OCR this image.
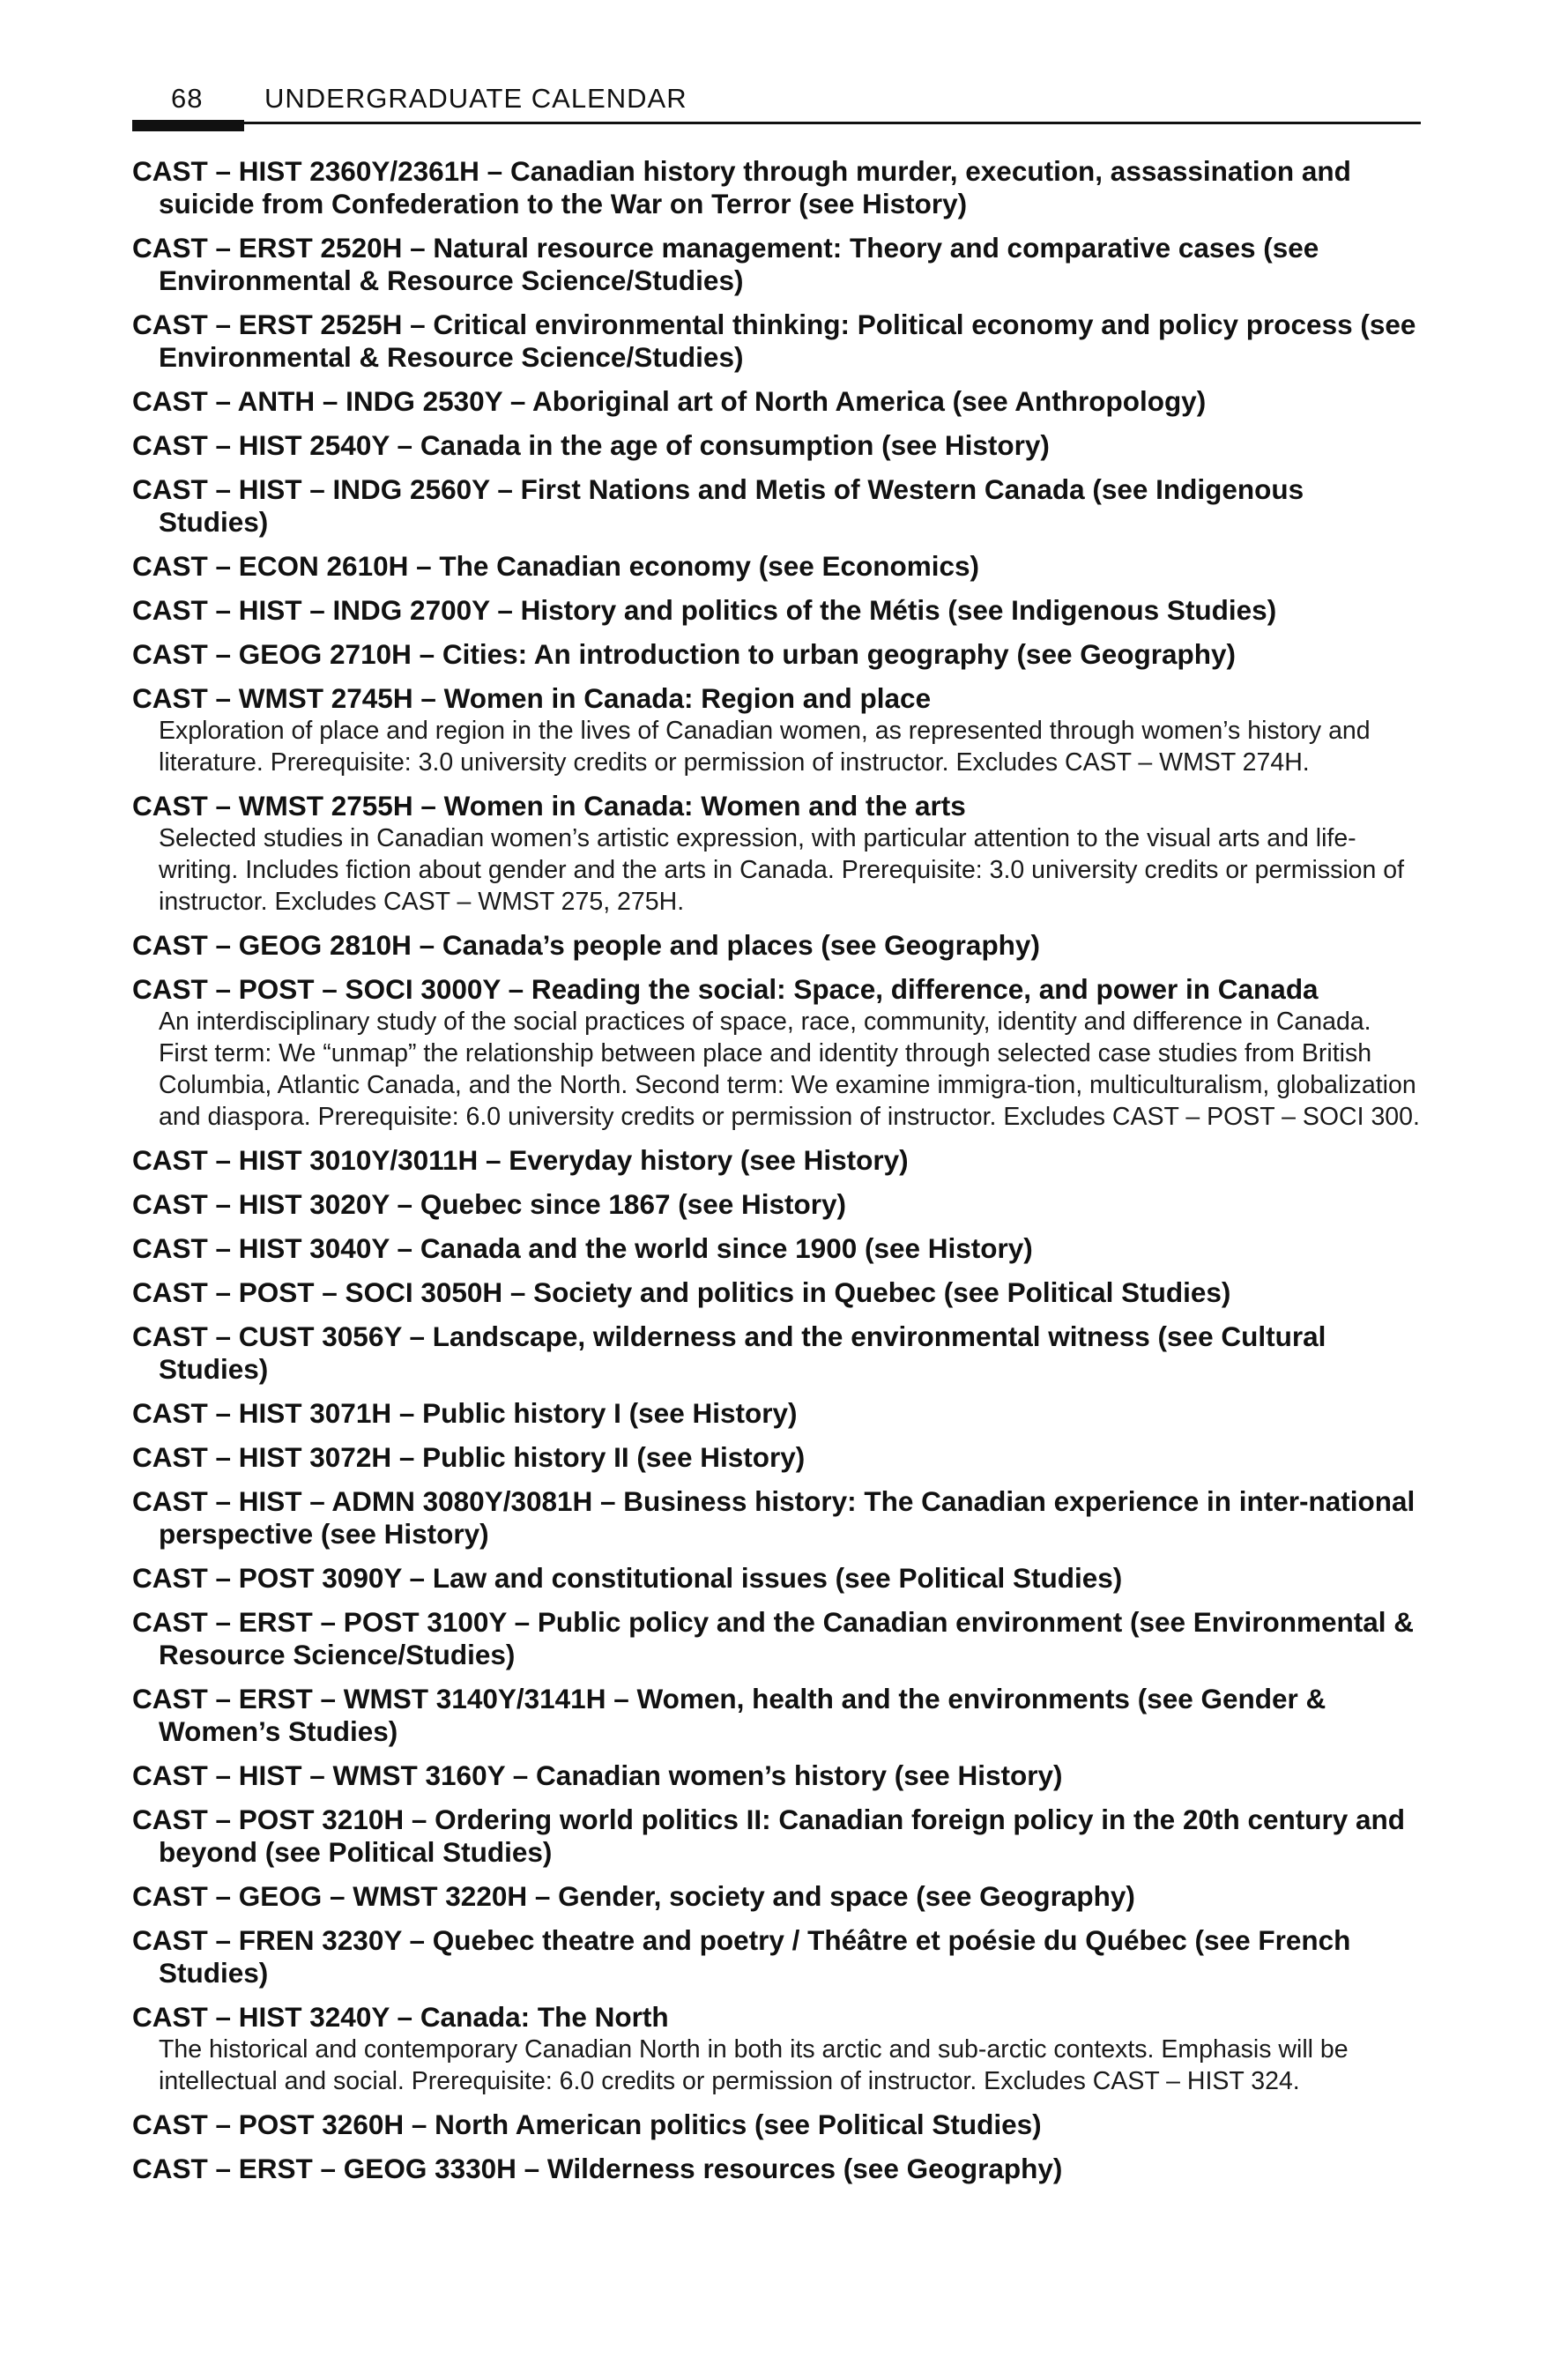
68 UNDERGRADUATE CALENDAR
CAST – HIST 2360Y/2361H – Canadian history through murder, execution, assassination and suicide from Confederation to the War on Terror (see History)
CAST – ERST 2520H – Natural resource management: Theory and comparative cases (see Environmental & Resource Science/Studies)
CAST – ERST 2525H – Critical environmental thinking: Political economy and policy process (see Environmental & Resource Science/Studies)
CAST – ANTH – INDG 2530Y – Aboriginal art of North America (see Anthropology)
CAST – HIST 2540Y – Canada in the age of consumption (see History)
CAST – HIST – INDG 2560Y – First Nations and Metis of Western Canada (see Indigenous Studies)
CAST – ECON 2610H – The Canadian economy (see Economics)
CAST – HIST – INDG 2700Y – History and politics of the Métis (see Indigenous Studies)
CAST – GEOG 2710H – Cities: An introduction to urban geography (see Geography)
CAST – WMST 2745H – Women in Canada: Region and place
Exploration of place and region in the lives of Canadian women, as represented through women’s history and literature. Prerequisite: 3.0 university credits or permission of instructor. Excludes CAST – WMST 274H.
CAST – WMST 2755H – Women in Canada: Women and the arts
Selected studies in Canadian women’s artistic expression, with particular attention to the visual arts and life-writing. Includes fiction about gender and the arts in Canada. Prerequisite: 3.0 university credits or permission of instructor. Excludes CAST – WMST 275, 275H.
CAST – GEOG 2810H – Canada’s people and places (see Geography)
CAST – POST – SOCI 3000Y – Reading the social: Space, difference, and power in Canada
An interdisciplinary study of the social practices of space, race, community, identity and difference in Canada. First term: We “unmap” the relationship between place and identity through selected case studies from British Columbia, Atlantic Canada, and the North. Second term: We examine immigra-tion, multiculturalism, globalization and diaspora. Prerequisite: 6.0 university credits or permission of instructor. Excludes CAST – POST – SOCI 300.
CAST – HIST 3010Y/3011H – Everyday history (see History)
CAST – HIST 3020Y – Quebec since 1867 (see History)
CAST – HIST 3040Y – Canada and the world since 1900 (see History)
CAST – POST – SOCI 3050H – Society and politics in Quebec (see Political Studies)
CAST – CUST 3056Y – Landscape, wilderness and the environmental witness (see Cultural Studies)
CAST – HIST 3071H – Public history I (see History)
CAST – HIST 3072H – Public history II (see History)
CAST – HIST – ADMN 3080Y/3081H – Business history: The Canadian experience in inter-national perspective (see History)
CAST – POST 3090Y – Law and constitutional issues (see Political Studies)
CAST – ERST – POST 3100Y – Public policy and the Canadian environment (see Environmental & Resource Science/Studies)
CAST – ERST – WMST 3140Y/3141H – Women, health and the environments (see Gender & Women’s Studies)
CAST – HIST – WMST 3160Y – Canadian women’s history (see History)
CAST – POST 3210H – Ordering world politics II: Canadian foreign policy in the 20th century and beyond (see Political Studies)
CAST – GEOG – WMST 3220H – Gender, society and space (see Geography)
CAST – FREN 3230Y – Quebec theatre and poetry / Théâtre et poésie du Québec (see French Studies)
CAST – HIST 3240Y – Canada: The North
The historical and contemporary Canadian North in both its arctic and sub-arctic contexts. Emphasis will be intellectual and social. Prerequisite: 6.0 credits or permission of instructor. Excludes CAST – HIST 324.
CAST – POST 3260H – North American politics (see Political Studies)
CAST – ERST – GEOG 3330H – Wilderness resources (see Geography)
